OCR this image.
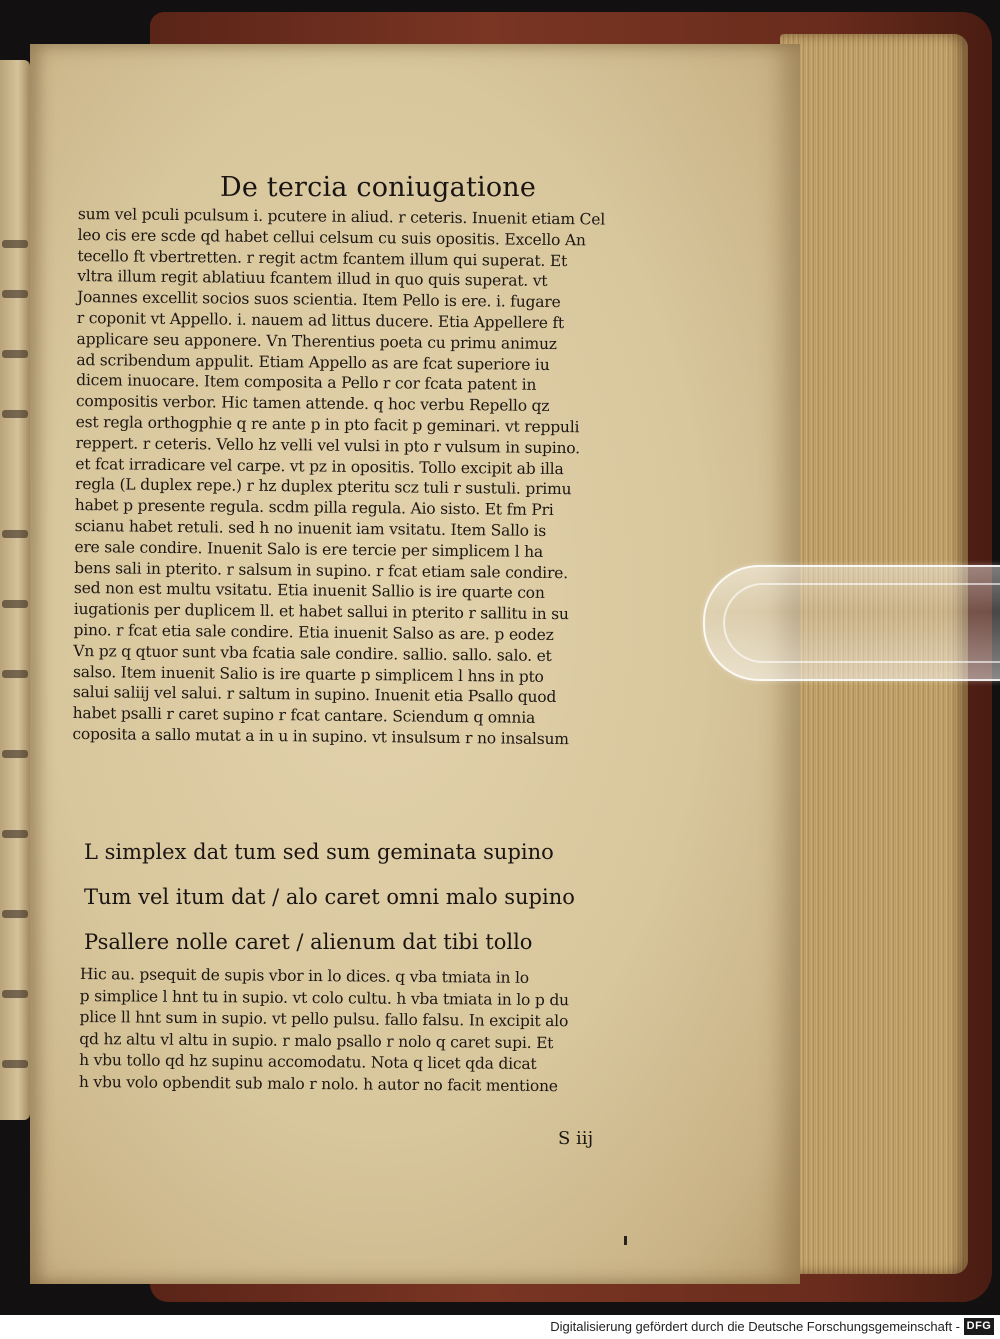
De tercia coniugatione
sum vel pculi pculsum i. pcutere in aliud. r ceteris. Inuenit etiam Cel
leo cis ere scde qd habet cellui celsum cu suis opositis. Excello An
tecello ft vbertretten. r regit actm fcantem illum qui superat. Et
vltra illum regit ablatiuu fcantem illud in quo quis superat. vt
Joannes excellit socios suos scientia. Item Pello is ere. i. fugare
r coponit vt Appello. i. nauem ad littus ducere. Etia Appellere ft
applicare seu apponere. Vn Therentius poeta cu primu animuz
ad scribendum appulit. Etiam Appello as are fcat superiore iu
dicem inuocare. Item composita a Pello r cor fcata patent in
compositis verbor. Hic tamen attende. q hoc verbu Repello qz
est regla orthogphie q re ante p in pto facit p geminari. vt reppuli
reppert. r ceteris. Vello hz velli vel vulsi in pto r vulsum in supino.
et fcat irradicare vel carpe. vt pz in opositis. Tollo excipit ab illa
regla (L duplex repe.) r hz duplex pteritu scz tuli r sustuli. primu
habet p presente regula. scdm pilla regula. Aio sisto. Et fm Pri
scianu habet retuli. sed h no inuenit iam vsitatu. Item Sallo is
ere sale condire. Inuenit Salo is ere tercie per simplicem l ha
bens sali in pterito. r salsum in supino. r fcat etiam sale condire.
sed non est multu vsitatu. Etia inuenit Sallio is ire quarte con
iugationis per duplicem ll. et habet sallui in pterito r sallitu in su
pino. r fcat etia sale condire. Etia inuenit Salso as are. p eodez
Vn pz q qtuor sunt vba fcatia sale condire. sallio. sallo. salo. et
salso. Item inuenit Salio is ire quarte p simplicem l hns in pto
salui saliij vel salui. r saltum in supino. Inuenit etia Psallo quod
habet psalli r caret supino r fcat cantare. Sciendum q omnia
coposita a sallo mutat a in u in supino. vt insulsum r no insalsum
L simplex dat tum sed sum geminata supino
Tum vel itum dat / alo caret omni malo supino
Psallere nolle caret / alienum dat tibi tollo
Hic au. psequit de supis vbor in lo dices. q vba tmiata in lo
p simplice l hnt tu in supio. vt colo cultu. h vba tmiata in lo p du
plice ll hnt sum in supio. vt pello pulsu. fallo falsu. In excipit alo
qd hz altu vl altu in supio. r malo psallo r nolo q caret supi. Et
h vbu tollo qd hz supinu accomodatu. Nota q licet qda dicat
h vbu volo opbendit sub malo r nolo. h autor no facit mentione

S iij

Digitalisierung gefördert durch die Deutsche Forschungsgemeinschaft - DFG
